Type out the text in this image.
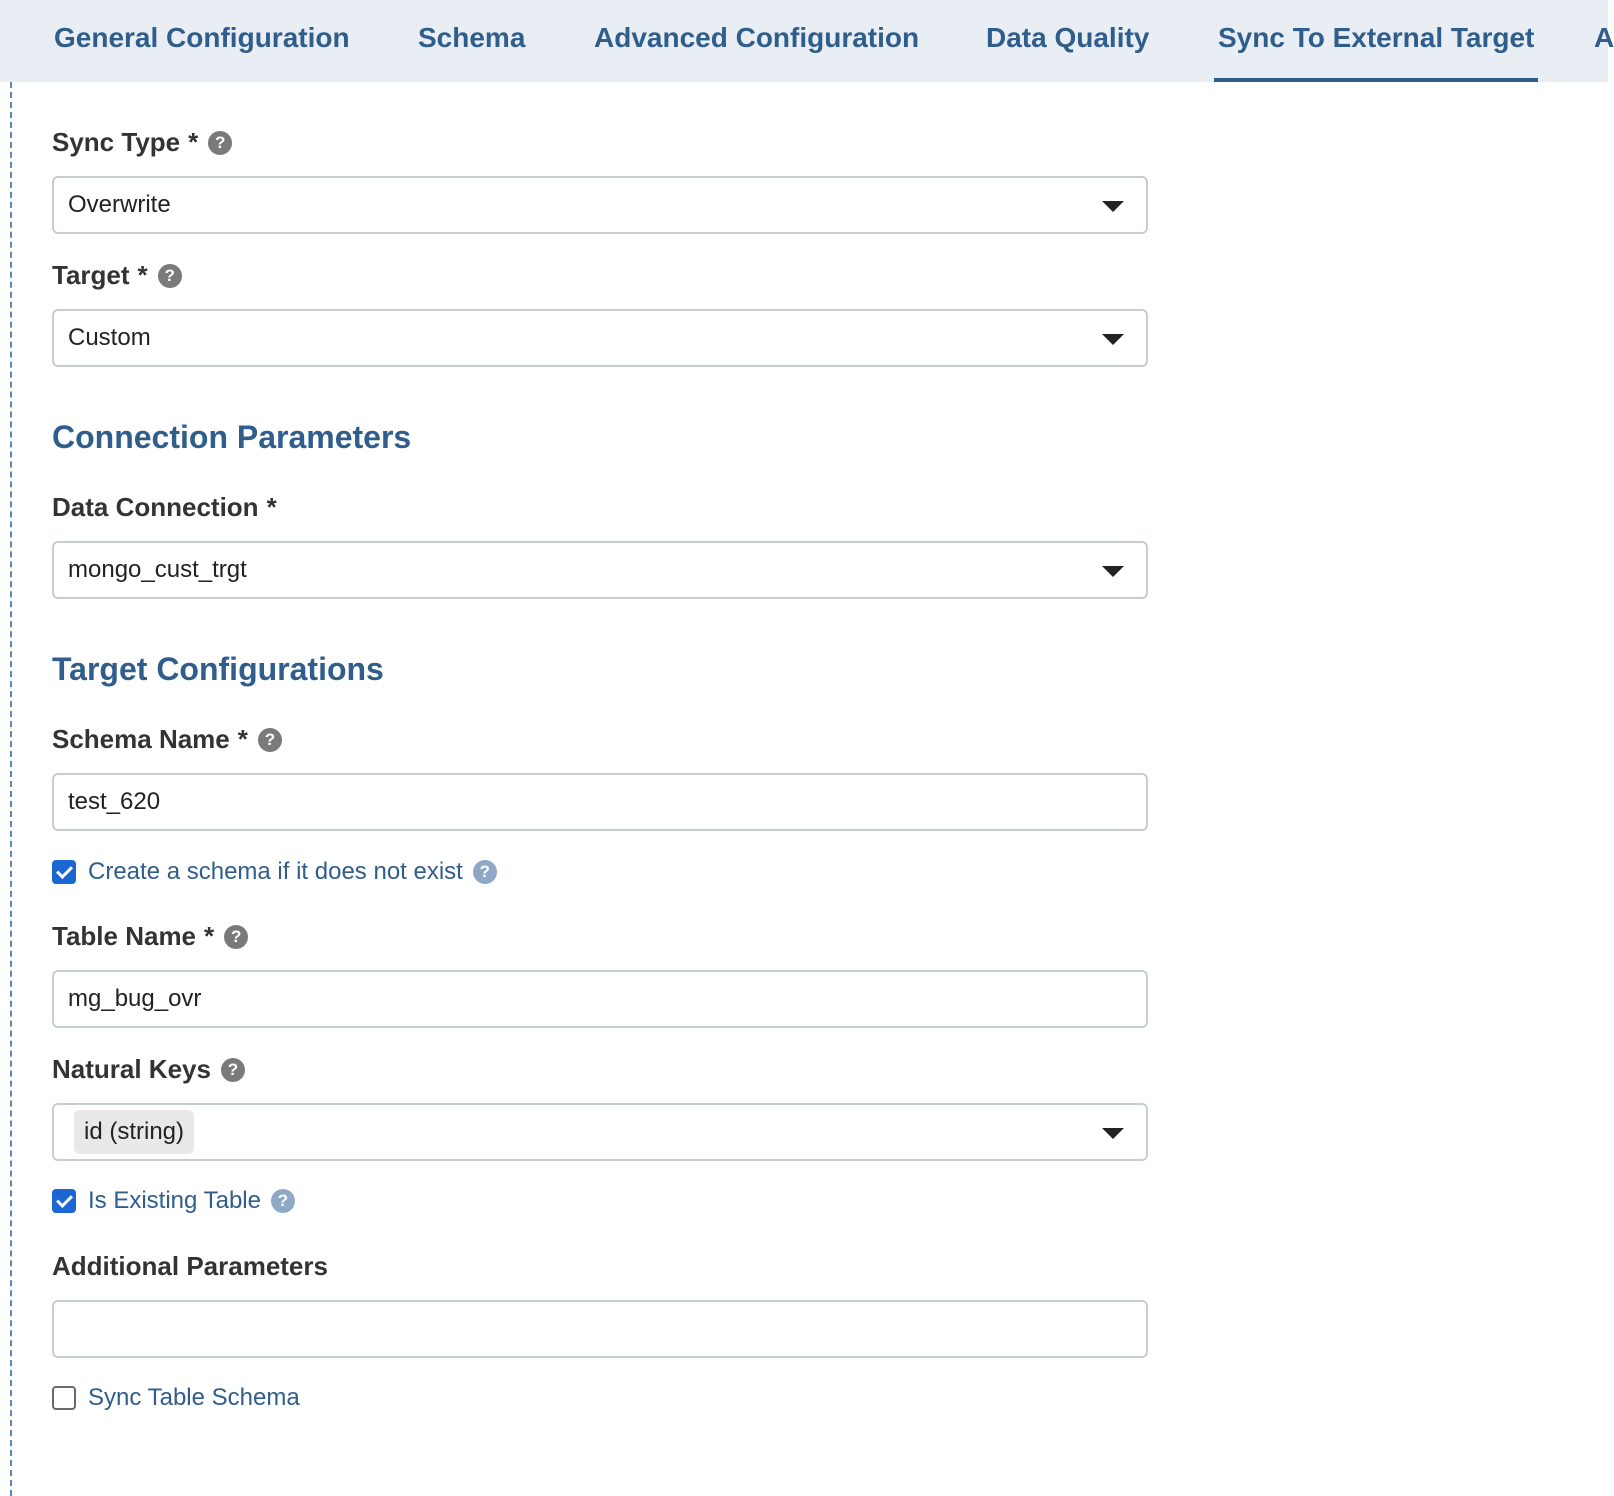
General Configuration Schema Advanced Configuration Data Quality Sync To External Target A
Sync Type * ?
Overwrite
Target * ?
Custom
Connection Parameters
Data Connection *
mongo_cust_trgt
Target Configurations
Schema Name * ?
test_620
Create a schema if it does not exist ?
Table Name * ?
mg_bug_ovr
Natural Keys ?
id (string)
Is Existing Table ?
Additional Parameters
Sync Table Schema
